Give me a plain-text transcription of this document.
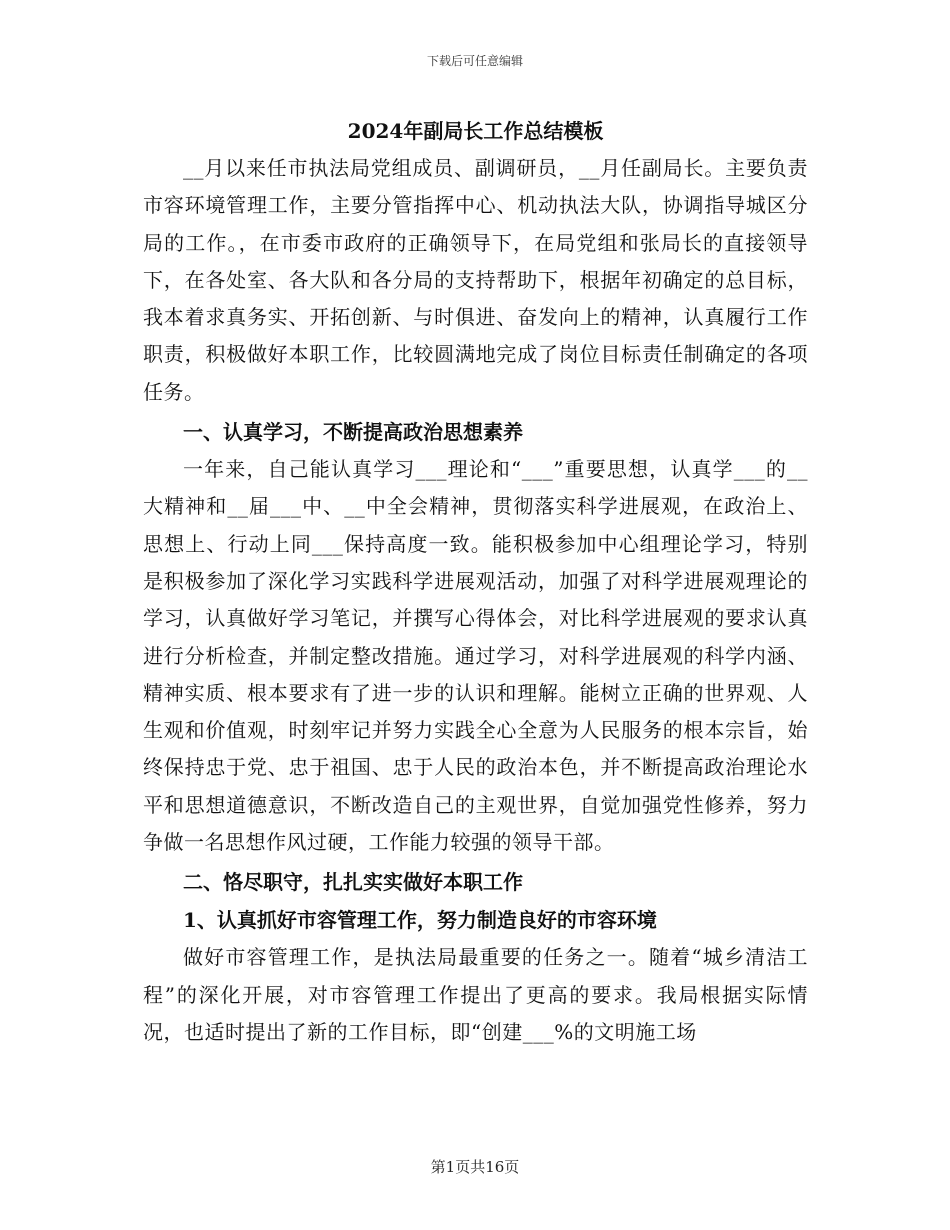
下载后可任意编辑
2024年副局长工作总结模板

__月以来任市执法局党组成员、副调研员，__月任副局长。主要负责市容环境管理工作，主要分管指挥中心、机动执法大队，协调指导城区分局的工作。，在市委市政府的正确领导下，在局党组和张局长的直接领导下，在各处室、各大队和各分局的支持帮助下，根据年初确定的总目标，我本着求真务实、开拓创新、与时俱进、奋发向上的精神，认真履行工作职责，积极做好本职工作，比较圆满地完成了岗位目标责任制确定的各项任务。

一、认真学习，不断提高政治思想素养

一年来，自己能认真学习___理论和“___”重要思想，认真学___的__大精神和__届___中、__中全会精神，贯彻落实科学进展观，在政治上、思想上、行动上同___保持高度一致。能积极参加中心组理论学习，特别是积极参加了深化学习实践科学进展观活动，加强了对科学进展观理论的学习，认真做好学习笔记，并撰写心得体会，对比科学进展观的要求认真进行分析检查，并制定整改措施。通过学习，对科学进展观的科学内涵、精神实质、根本要求有了进一步的认识和理解。能树立正确的世界观、人生观和价值观，时刻牢记并努力实践全心全意为人民服务的根本宗旨，始终保持忠于党、忠于祖国、忠于人民的政治本色，并不断提高政治理论水平和思想道德意识，不断改造自己的主观世界，自觉加强党性修养，努力争做一名思想作风过硬，工作能力较强的领导干部。

二、恪尽职守，扎扎实实做好本职工作
1、认真抓好市容管理工作，努力制造良好的市容环境

做好市容管理工作，是执法局最重要的任务之一。随着“城乡清洁工程”的深化开展，对市容管理工作提出了更高的要求。我局根据实际情况，也适时提出了新的工作目标，即“创建___%的文明施工场

第1页共16页
